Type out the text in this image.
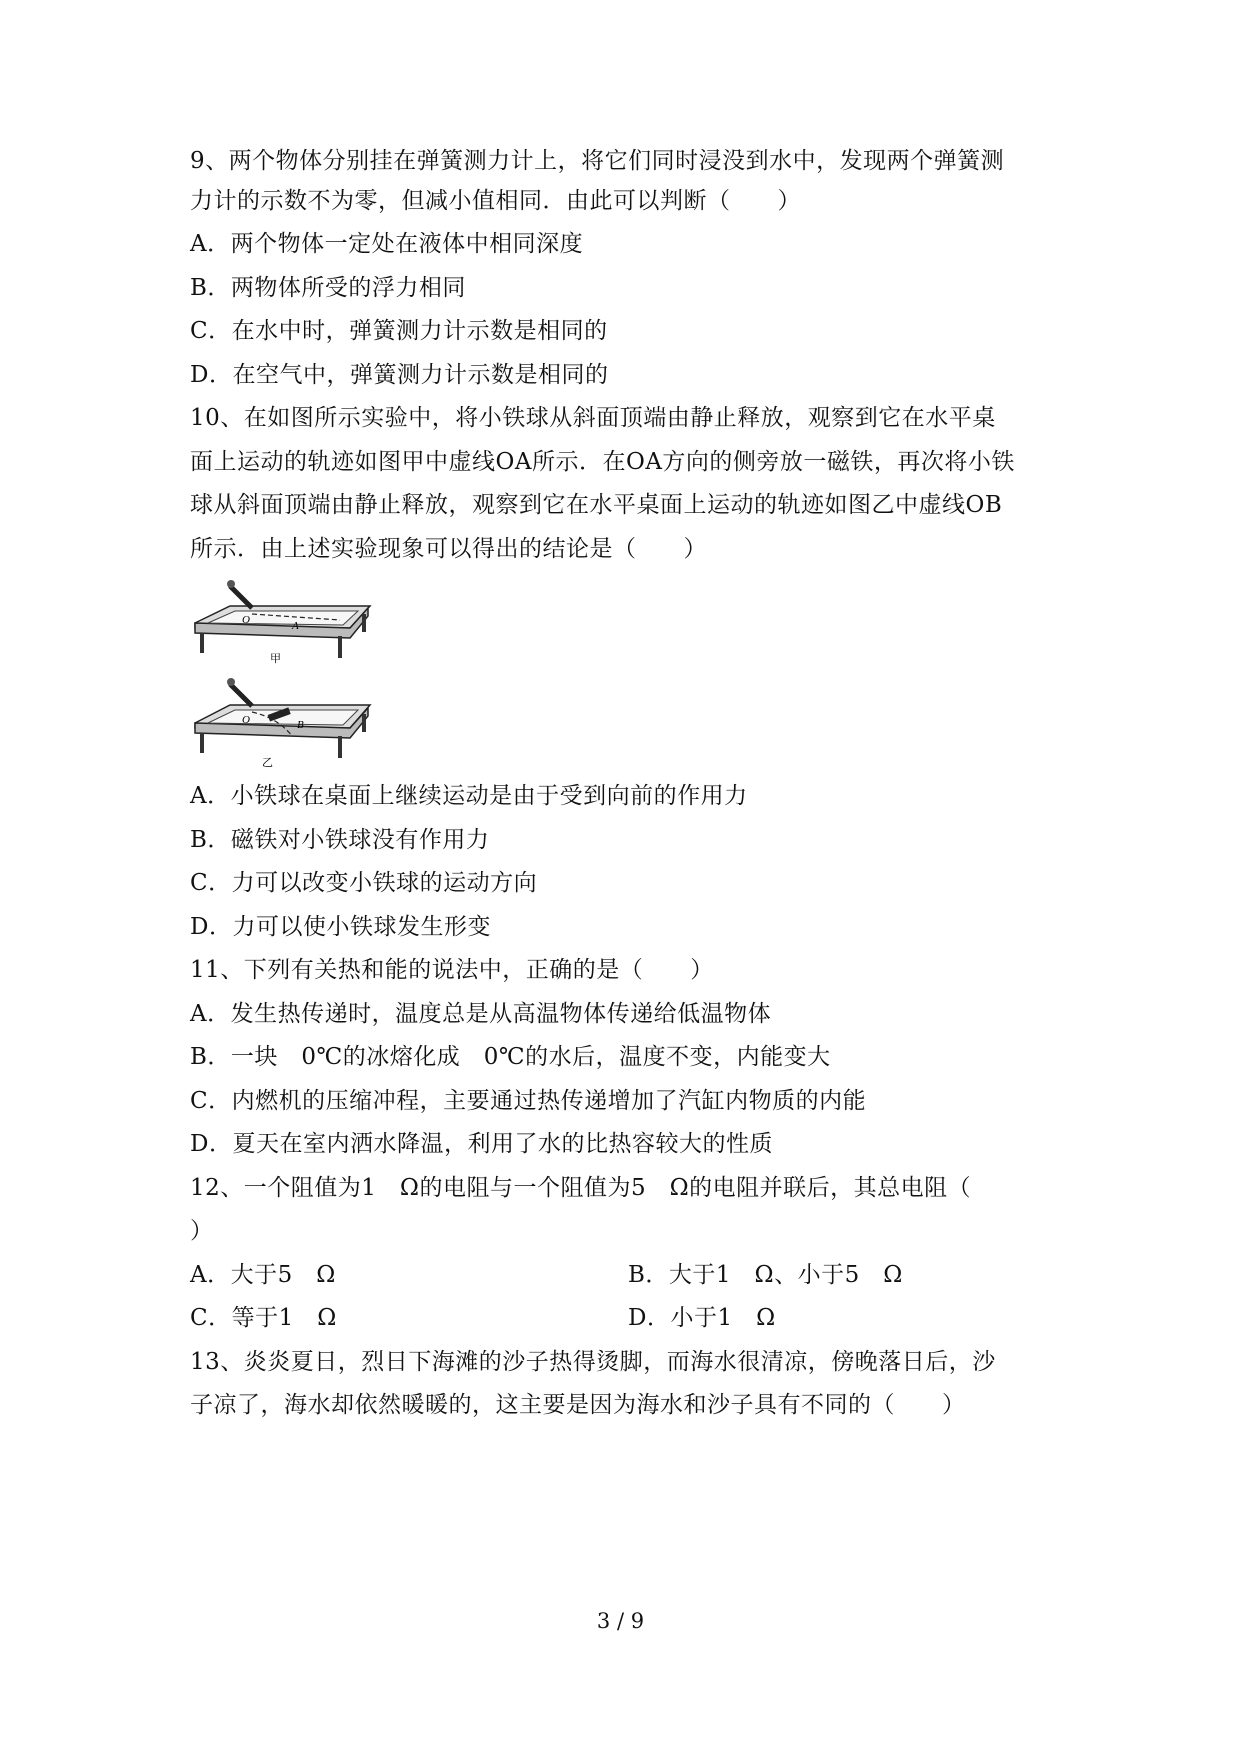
9、两个物体分别挂在弹簧测力计上，将它们同时浸没到水中，发现两个弹簧测
力计的示数不为零，但减小值相同．由此可以判断（　　）
A．两个物体一定处在液体中相同深度
B．两物体所受的浮力相同
C．在水中时，弹簧测力计示数是相同的
D．在空气中，弹簧测力计示数是相同的
10、在如图所示实验中，将小铁球从斜面顶端由静止释放，观察到它在水平桌
面上运动的轨迹如图甲中虚线OA所示．在OA方向的侧旁放一磁铁，再次将小铁
球从斜面顶端由静止释放，观察到它在水平桌面上运动的轨迹如图乙中虚线OB
所示．由上述实验现象可以得出的结论是（　　）
O	A
甲
O	B
乙
A．小铁球在桌面上继续运动是由于受到向前的作用力
B．磁铁对小铁球没有作用力
C．力可以改变小铁球的运动方向
D．力可以使小铁球发生形变
11、下列有关热和能的说法中，正确的是（　　）
A．发生热传递时，温度总是从高温物体传递给低温物体
B．一块　0℃的冰熔化成　0℃的水后，温度不变，内能变大
C．内燃机的压缩冲程，主要通过热传递增加了汽缸内物质的内能
D．夏天在室内洒水降温，利用了水的比热容较大的性质
12、一个阻值为1　Ω的电阻与一个阻值为5　Ω的电阻并联后，其总电阻（
）
A．大于5　Ω	B．大于1　Ω、小于5　Ω
C．等于1　Ω	D．小于1　Ω
13、炎炎夏日，烈日下海滩的沙子热得烫脚，而海水很清凉，傍晚落日后，沙
子凉了，海水却依然暖暖的，这主要是因为海水和沙子具有不同的（　　）
3 / 9
